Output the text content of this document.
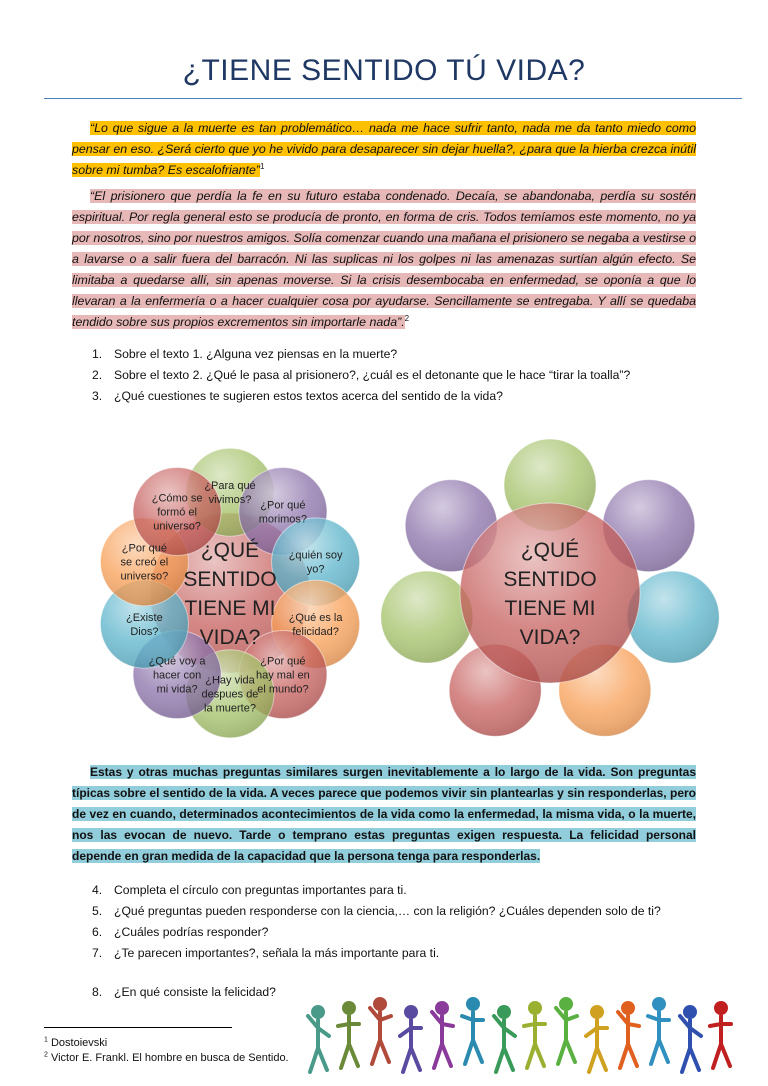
¿TIENE SENTIDO TÚ VIDA?
“Lo que sigue a la muerte es tan problemático… nada me hace sufrir tanto, nada me da tanto miedo como pensar en eso. ¿Será cierto que yo he vivido para desaparecer sin dejar huella?, ¿para que la hierba crezca inútil sobre mi tumba? Es escalofriante”$^1$
“El prisionero que perdía la fe en su futuro estaba condenado. Decaía, se abandonaba, perdía su sostén espiritual. Por regla general esto se producía de pronto, en forma de cris. Todos temíamos este momento, no ya por nosotros, sino por nuestros amigos. Solía comenzar cuando una mañana el prisionero se negaba a vestirse o a lavarse o a salir fuera del barracón. Ni las suplicas ni los golpes ni las amenazas surtían algún efecto. Se limitaba a quedarse allí, sin apenas moverse. Si la crisis desembocaba en enfermedad, se oponía a que lo llevaran a la enfermería o a hacer cualquier cosa por ayudarse. Sencillamente se entregaba. Y allí se quedaba tendido sobre sus propios excrementos sin importarle nada”.$^2$
1. Sobre el texto 1. ¿Alguna vez piensas en la muerte?
2. Sobre el texto 2. ¿Qué le pasa al prisionero?, ¿cuál es el detonante que le hace “tirar la toalla”?
3. ¿Qué cuestiones te sugieren estos textos acerca del sentido de la vida?
¿Para qué vivimos? ¿Por qué morimos?
¿quién soy yo?
¿Qué es la felicidad?
¿Por qué hay mal en el mundo?
¿Hay vida despues de la muerte?
¿Qué voy a hacer con mi vida?
¿Existe Dios?
¿Por qué se creó el universo?
¿Cómo se formó el universo?
¿QUÉ SENTIDO TIENE MI VIDA?
¿QUÉ SENTIDO TIENE MI VIDA?
Estas y otras muchas preguntas similares surgen inevitablemente a lo largo de la vida. Son preguntas típicas sobre el sentido de la vida. A veces parece que podemos vivir sin plantearlas y sin responderlas, pero de vez en cuando, determinados acontecimientos de la vida como la enfermedad, la misma vida, o la muerte, nos las evocan de nuevo. Tarde o temprano estas preguntas exigen respuesta. La felicidad personal depende en gran medida de la capacidad que la persona tenga para responderlas.
4. Completa el círculo con preguntas importantes para ti.
5. ¿Qué preguntas pueden responderse con la ciencia,… con la religión? ¿Cuáles dependen solo de ti?
6. ¿Cuáles podrías responder?
7. ¿Te parecen importantes?, señala la más importante para ti.
8. ¿En qué consiste la felicidad?
$^1$ Dostoievski
$^2$ Victor E. Frankl. El hombre en busca de Sentido.
